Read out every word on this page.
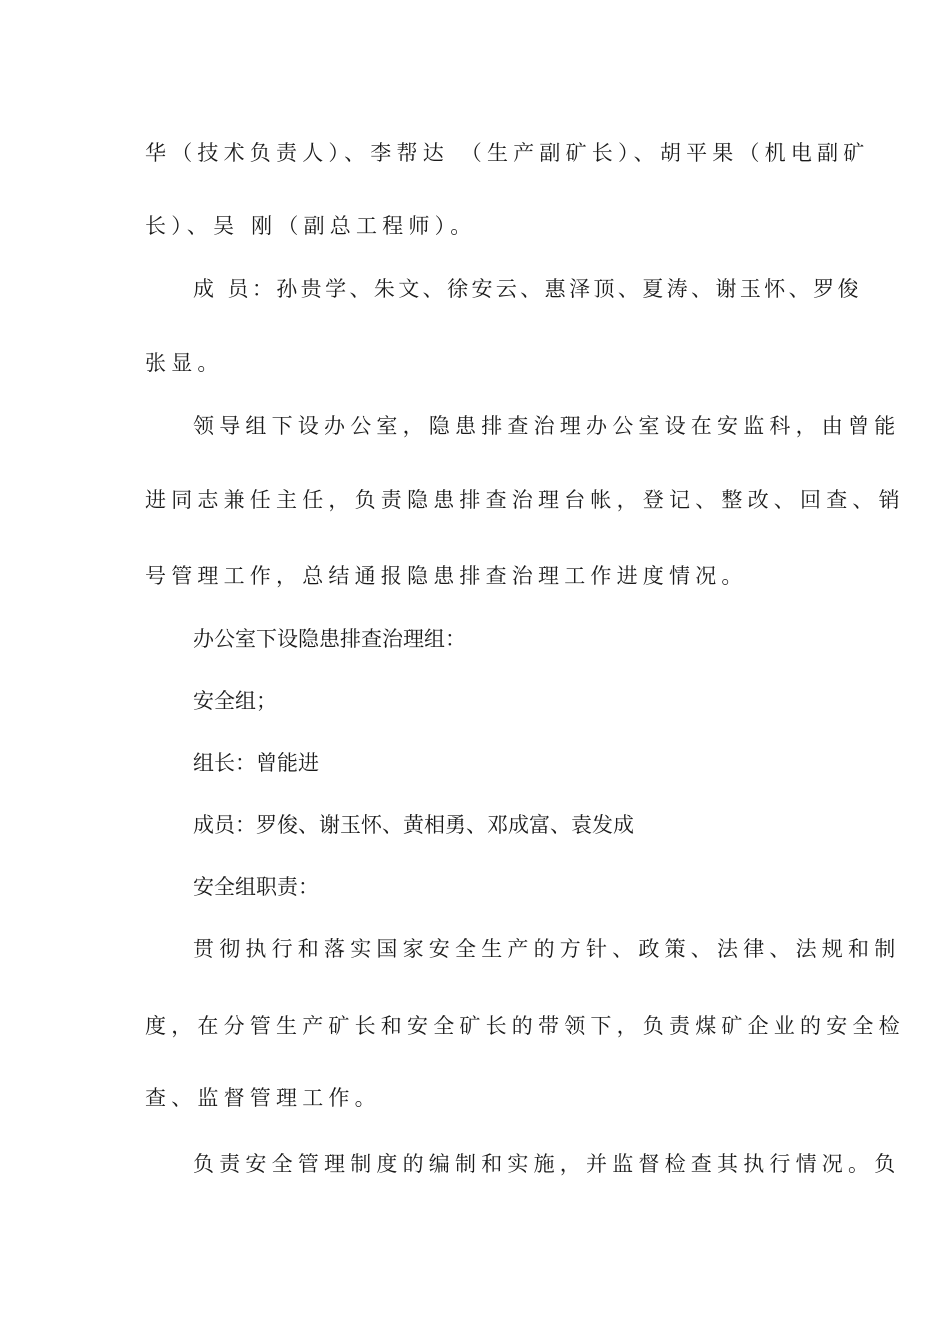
华（技术负责人）、李帮达 （生产副矿长）、胡平果（机电副矿
长）、吴 刚（副总工程师）。
成 员：孙贵学、朱文、徐安云、惠泽顶、夏涛、谢玉怀、罗俊
张显。
领导组下设办公室，隐患排查治理办公室设在安监科，由曾能
进同志兼任主任，负责隐患排查治理台帐，登记、整改、回查、销
号管理工作，总结通报隐患排查治理工作进度情况。
办公室下设隐患排查治理组：
安全组；
组长：曾能进
成员：罗俊、谢玉怀、黄相勇、邓成富、袁发成
安全组职责：
贯彻执行和落实国家安全生产的方针、政策、法律、法规和制
度，在分管生产矿长和安全矿长的带领下，负责煤矿企业的安全检
查、监督管理工作。
负责安全管理制度的编制和实施，并监督检查其执行情况。负
